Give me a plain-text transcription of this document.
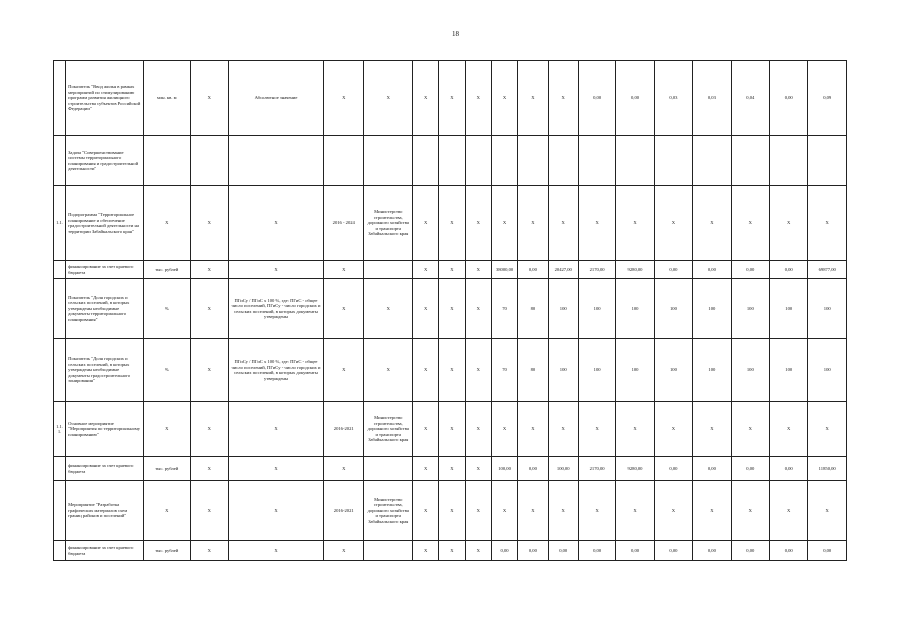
18
	Показатель "Ввод жилья в рамках мероприятий по стимулированию программ развития жилищного строительства субъектов Российской Федерации"	млн. кв. м	X	Абсолютное значение	X	X	X	X	X	X	X	X	0,00	0,00	0,03	0,03	0,04	0,00	0,09
	Задача "Совершенствование системы территориального планирования и градостроительной деятельности"																		
1.1.	Подпрограмма "Территориальное планирование и обеспечение градостроительной деятельности на территории Забайкальского края"	X	X	X	2016 - 2024	Министерство строительства, дорожного хозяйства и транспорта Забайкальского края	X	X	X	X	X	X	X	X	X	X	X	X	X
	финансирование за счет краевого бюджета	тыс. рублей	X	X	X		X	X	X	38000,00	0,00	20427,00	2170,00	9280,00	0,00	0,00	0,00	0,00	69877,00
	Показатель "Доля городских и сельских поселений, в которых утверждены необходимые документы территориального планирования"	%	X	ПГиСу / ПГиС x 100 %, где: ПГиС - общее число поселений, ПГиСу - число городских и сельских поселений, в которых документы утверждены	X	X	X	X	X	70	80	100	100	100	100	100	100	100	100
	Показатель "Доля городских и сельских поселений, в которых утверждены необходимые документы градостроительного зонирования"	%	X	ПГиСу / ПГиС x 100 %, где: ПГиС - общее число поселений, ПГиСу - число городских и сельских поселений, в которых документы утверждены	X	X	X	X	X	70	80	100	100	100	100	100	100	100	100
1.1.1.	Основное мероприятие "Мероприятия по территориальному планированию"	X	X	X	2016-2021	Министерство строительства, дорожного хозяйства и транспорта Забайкальского края	X	X	X	X	X	X	X	X	X	X	X	X	X
	финансирование за счет краевого бюджета	тыс. рублей	X	X	X		X	X	X	100,00	0,00	100,00	2170,00	9280,00	0,00	0,00	0,00	0,00	11850,00
	Мероприятие "Разработка графических материалов схем границ районов и поселений"	X	X	X	2016-2021	Министерство строительства, дорожного хозяйства и транспорта Забайкальского края	X	X	X	X	X	X	X	X	X	X	X	X	X
	финансирование за счет краевого бюджета	тыс. рублей	X	X	X		X	X	X	0,00	0,00	0,00	0,00	0,00	0,00	0,00	0,00	0,00	0,00
